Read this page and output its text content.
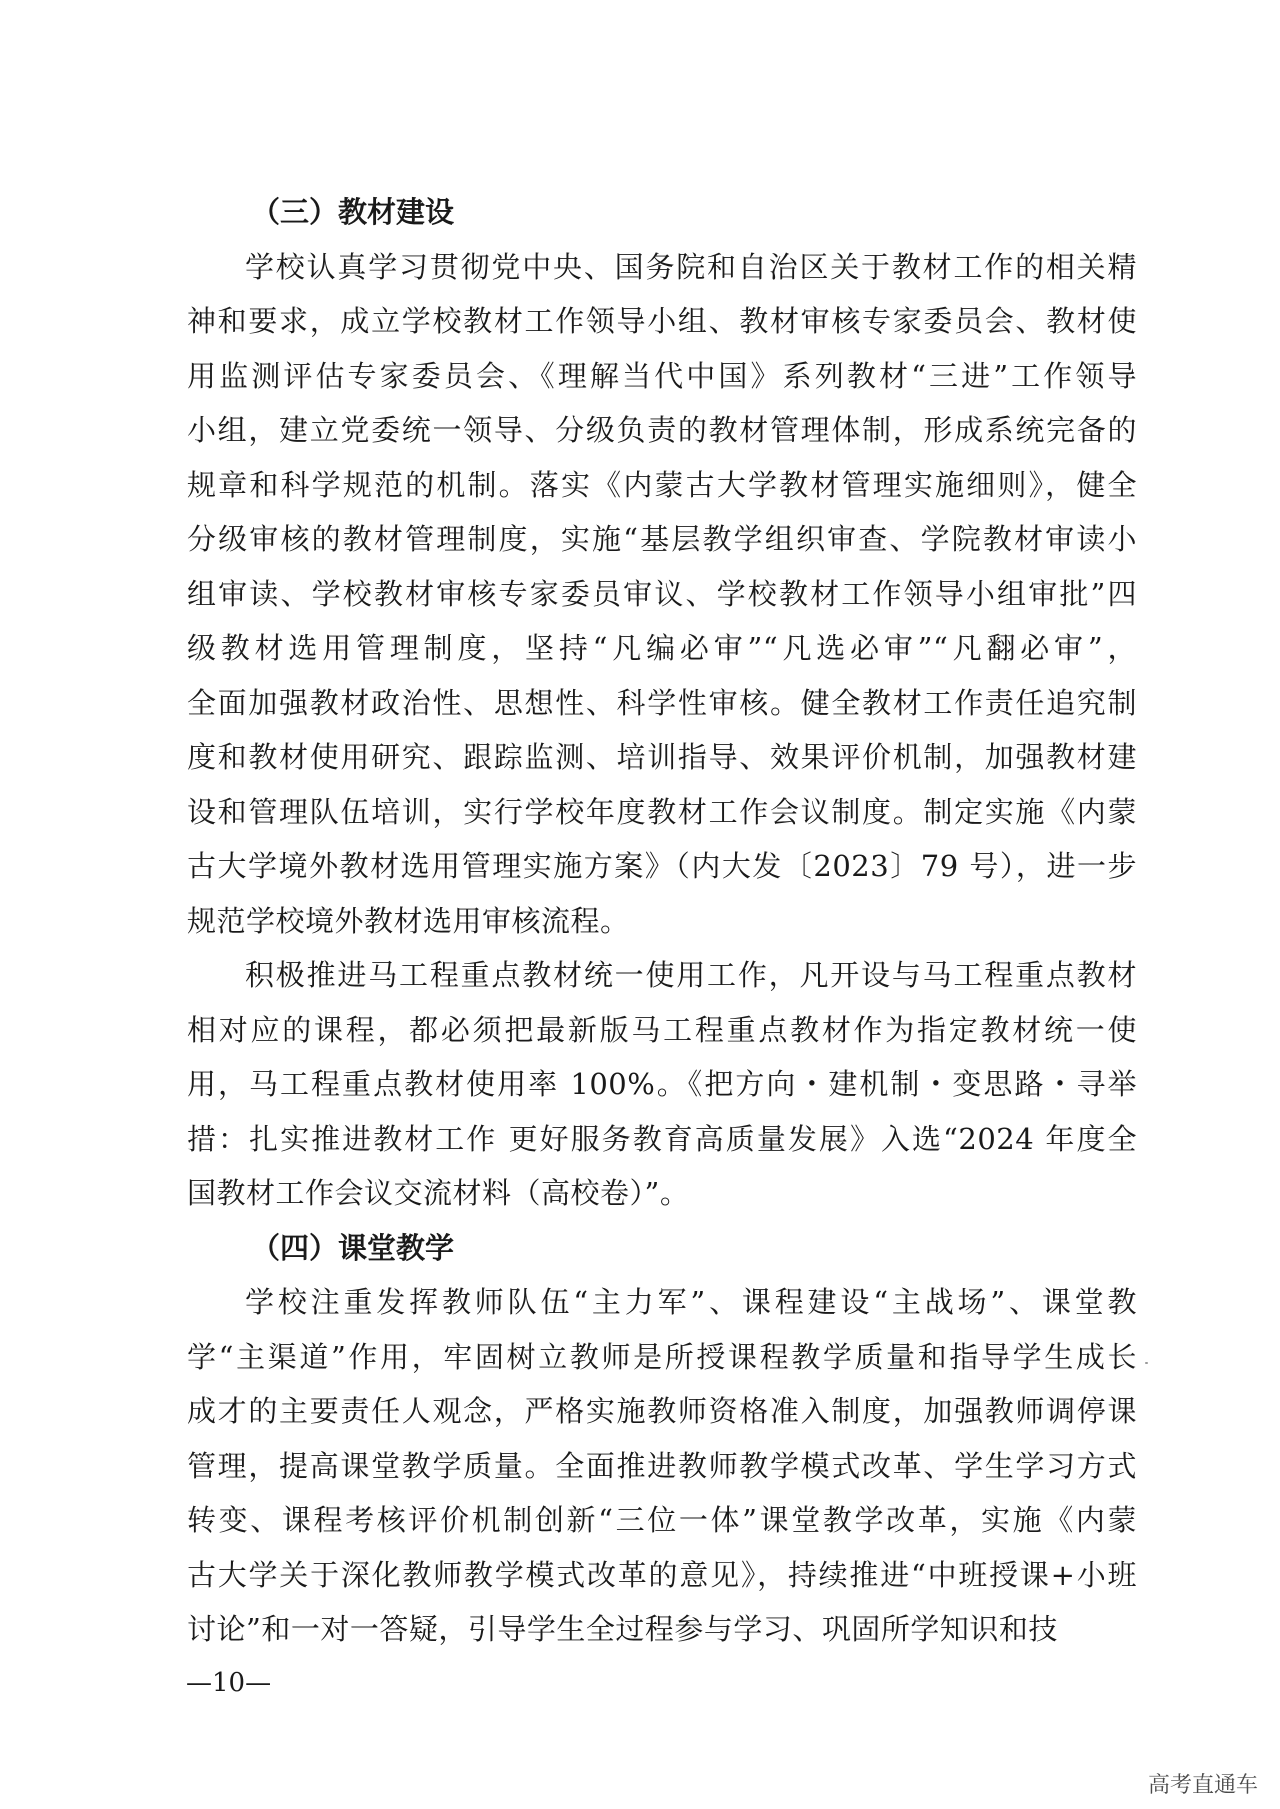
（三）教材建设
学校认真学习贯彻党中央、国务院和自治区关于教材工作的相关精
神和要求，成立学校教材工作领导小组、教材审核专家委员会、教材使
用监测评估专家委员会、《理解当代中国》系列教材“三进”工作领导
小组，建立党委统一领导、分级负责的教材管理体制，形成系统完备的
规章和科学规范的机制。落实《内蒙古大学教材管理实施细则》，健全
分级审核的教材管理制度，实施“基层教学组织审查、学院教材审读小
组审读、学校教材审核专家委员审议、学校教材工作领导小组审批”四
级教材选用管理制度，坚持“凡编必审”“凡选必审”“凡翻必审”，
全面加强教材政治性、思想性、科学性审核。健全教材工作责任追究制
度和教材使用研究、跟踪监测、培训指导、效果评价机制，加强教材建
设和管理队伍培训，实行学校年度教材工作会议制度。制定实施《内蒙
古大学境外教材选用管理实施方案》（内大发〔2023〕79 号），进一步
规范学校境外教材选用审核流程。
积极推进马工程重点教材统一使用工作，凡开设与马工程重点教材
相对应的课程，都必须把最新版马工程重点教材作为指定教材统一使
用，马工程重点教材使用率 100%。《把方向・建机制・变思路・寻举
措：扎实推进教材工作 更好服务教育高质量发展》入选“2024 年度全
国教材工作会议交流材料（高校卷）”。
（四）课堂教学
学校注重发挥教师队伍“主力军”、课程建设“主战场”、课堂教
学“主渠道”作用，牢固树立教师是所授课程教学质量和指导学生成长
成才的主要责任人观念，严格实施教师资格准入制度，加强教师调停课
管理，提高课堂教学质量。全面推进教师教学模式改革、学生学习方式
转变、课程考核评价机制创新“三位一体”课堂教学改革，实施《内蒙
古大学关于深化教师教学模式改革的意见》，持续推进“中班授课+小班
讨论”和一对一答疑，引导学生全过程参与学习、巩固所学知识和技
—10—
高考直通车
